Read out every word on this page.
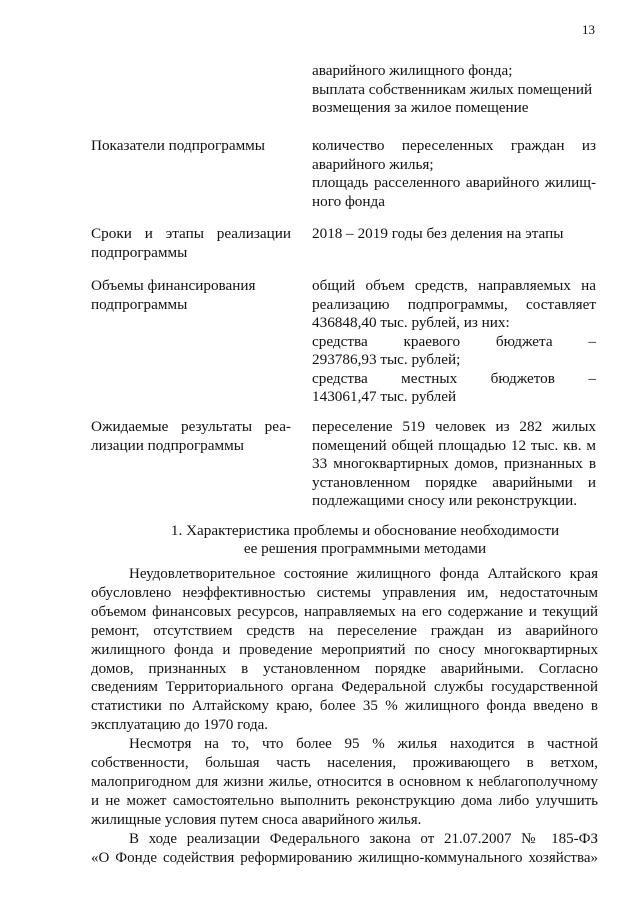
13
аварийного жилищного фонда;
выплата собственникам жилых помещений
возмещения за жилое помещение
Показатели подпрограммы	количество переселенных граждан из
аварийного жилья;
площадь расселенного аварийного жилищ-
ного фонда
Сроки и этапы реализации
подпрограммы
2018 – 2019 годы без деления на этапы
Объемы финансирования
подпрограммы
общий объем средств, направляемых на
реализацию подпрограммы, составляет
436848,40 тыс. рублей, из них:
средства краевого бюджета –
293786,93 тыс. рублей;
средства местных бюджетов –
143061,47 тыс. рублей
Ожидаемые результаты реа-
лизации подпрограммы
переселение 519 человек из 282 жилых
помещений общей площадью 12 тыс. кв. м
33 многоквартирных домов, признанных в
установленном порядке аварийными и
подлежащими сносу или реконструкции.
1. Характеристика проблемы и обоснование необходимости
ее решения программными методами
Неудовлетворительное состояние жилищного фонда Алтайского края
обусловлено неэффективностью системы управления им, недостаточным
объемом финансовых ресурсов, направляемых на его содержание и текущий
ремонт, отсутствием средств на переселение граждан из аварийного
жилищного фонда и проведение мероприятий по сносу многоквартирных
домов, признанных в установленном порядке аварийными. Согласно
сведениям Территориального органа Федеральной службы государственной
статистики по Алтайскому краю, более 35 % жилищного фонда введено в
эксплуатацию до 1970 года.
Несмотря на то, что более 95 % жилья находится в частной
собственности, большая часть населения, проживающего в ветхом,
малопригодном для жизни жилье, относится в основном к неблагополучному
и не может самостоятельно выполнить реконструкцию дома либо улучшить
жилищные условия путем сноса аварийного жилья.
В ходе реализации Федерального закона от 21.07.2007 № 185-ФЗ
«О Фонде содействия реформированию жилищно-коммунального хозяйства»
